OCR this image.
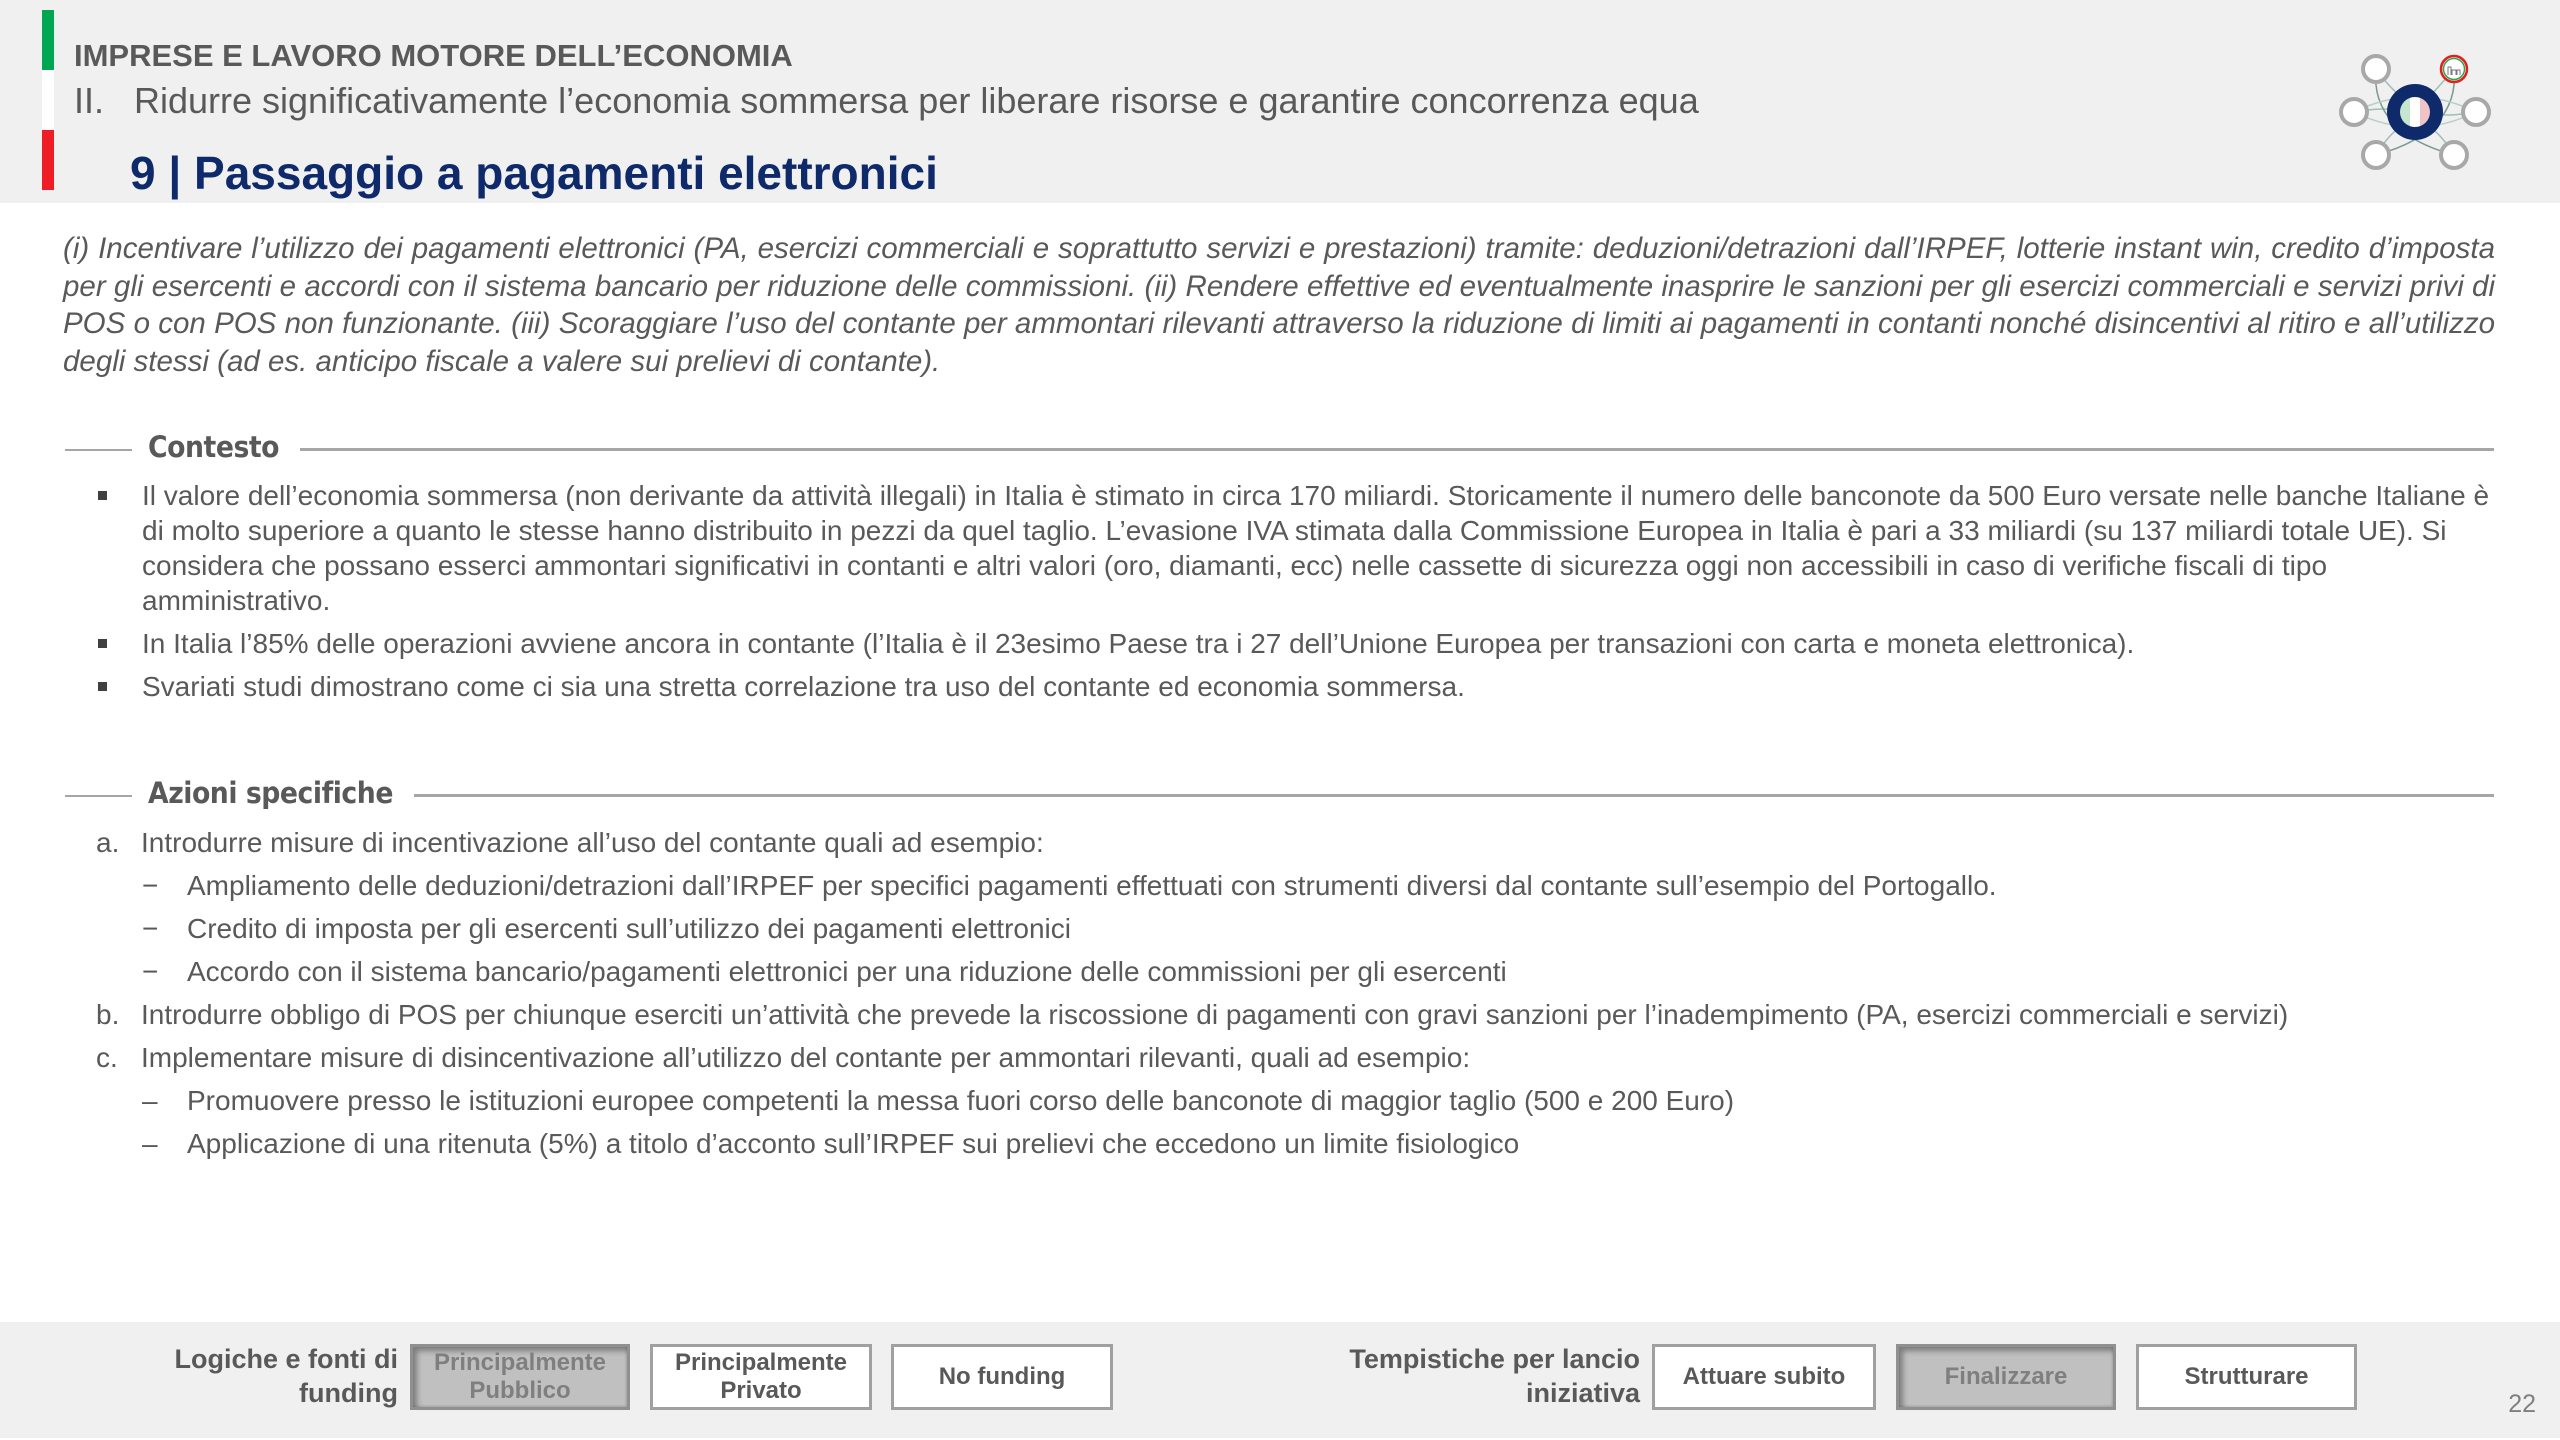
IMPRESE E LAVORO MOTORE DELL’ECONOMIA
II. Ridurre significativamente l’economia sommersa per liberare risorse e garantire concorrenza equa
9 | Passaggio a pagamenti elettronici
(i) Incentivare l’utilizzo dei pagamenti elettronici (PA, esercizi commerciali e soprattutto servizi e prestazioni) tramite: deduzioni/detrazioni dall’IRPEF, lotterie instant win, credito d’imposta per gli esercenti e accordi con il sistema bancario per riduzione delle commissioni. (ii) Rendere effettive ed eventualmente inasprire le sanzioni per gli esercizi commerciali e servizi privi di POS o con POS non funzionante. (iii) Scoraggiare l’uso del contante per ammontari rilevanti attraverso la riduzione di limiti ai pagamenti in contanti nonché disincentivi al ritiro e all’utilizzo degli stessi (ad es. anticipo fiscale a valere sui prelievi di contante).
Contesto
Il valore dell’economia sommersa (non derivante da attività illegali) in Italia è stimato in circa 170 miliardi. Storicamente il numero delle banconote da 500 Euro versate nelle banche Italiane è di molto superiore a quanto le stesse hanno distribuito in pezzi da quel taglio. L’evasione IVA stimata dalla Commissione Europea in Italia è pari a 33 miliardi (su 137 miliardi totale UE). Si considera che possano esserci ammontari significativi in contanti e altri valori (oro, diamanti, ecc) nelle cassette di sicurezza oggi non accessibili in caso di verifiche fiscali di tipo amministrativo.
In Italia l’85% delle operazioni avviene ancora in contante (l’Italia è il 23esimo Paese tra i 27 dell’Unione Europea per transazioni con carta e moneta elettronica).
Svariati studi dimostrano come ci sia una stretta correlazione tra uso del contante ed economia sommersa.
Azioni specifiche
a. Introdurre misure di incentivazione all’uso del contante quali ad esempio:
− Ampliamento delle deduzioni/detrazioni dall’IRPEF per specifici pagamenti effettuati con strumenti diversi dal contante sull’esempio del Portogallo.
− Credito di imposta per gli esercenti sull’utilizzo dei pagamenti elettronici
− Accordo con il sistema bancario/pagamenti elettronici per una riduzione delle commissioni per gli esercenti
b. Introdurre obbligo di POS per chiunque eserciti un’attività che prevede la riscossione di pagamenti con gravi sanzioni per l’inadempimento (PA, esercizi commerciali e servizi)
c. Implementare misure di disincentivazione all’utilizzo del contante per ammontari rilevanti, quali ad esempio:
– Promuovere presso le istituzioni europee competenti la messa fuori corso delle banconote di maggior taglio (500 e 200 Euro)
– Applicazione di una ritenuta (5%) a titolo d’acconto sull’IRPEF sui prelievi che eccedono un limite fisiologico
Logiche e fonti di funding
Principalmente Pubblico
Principalmente Privato
No funding
Tempistiche per lancio iniziativa
Attuare subito	Finalizzare	Strutturare
22
